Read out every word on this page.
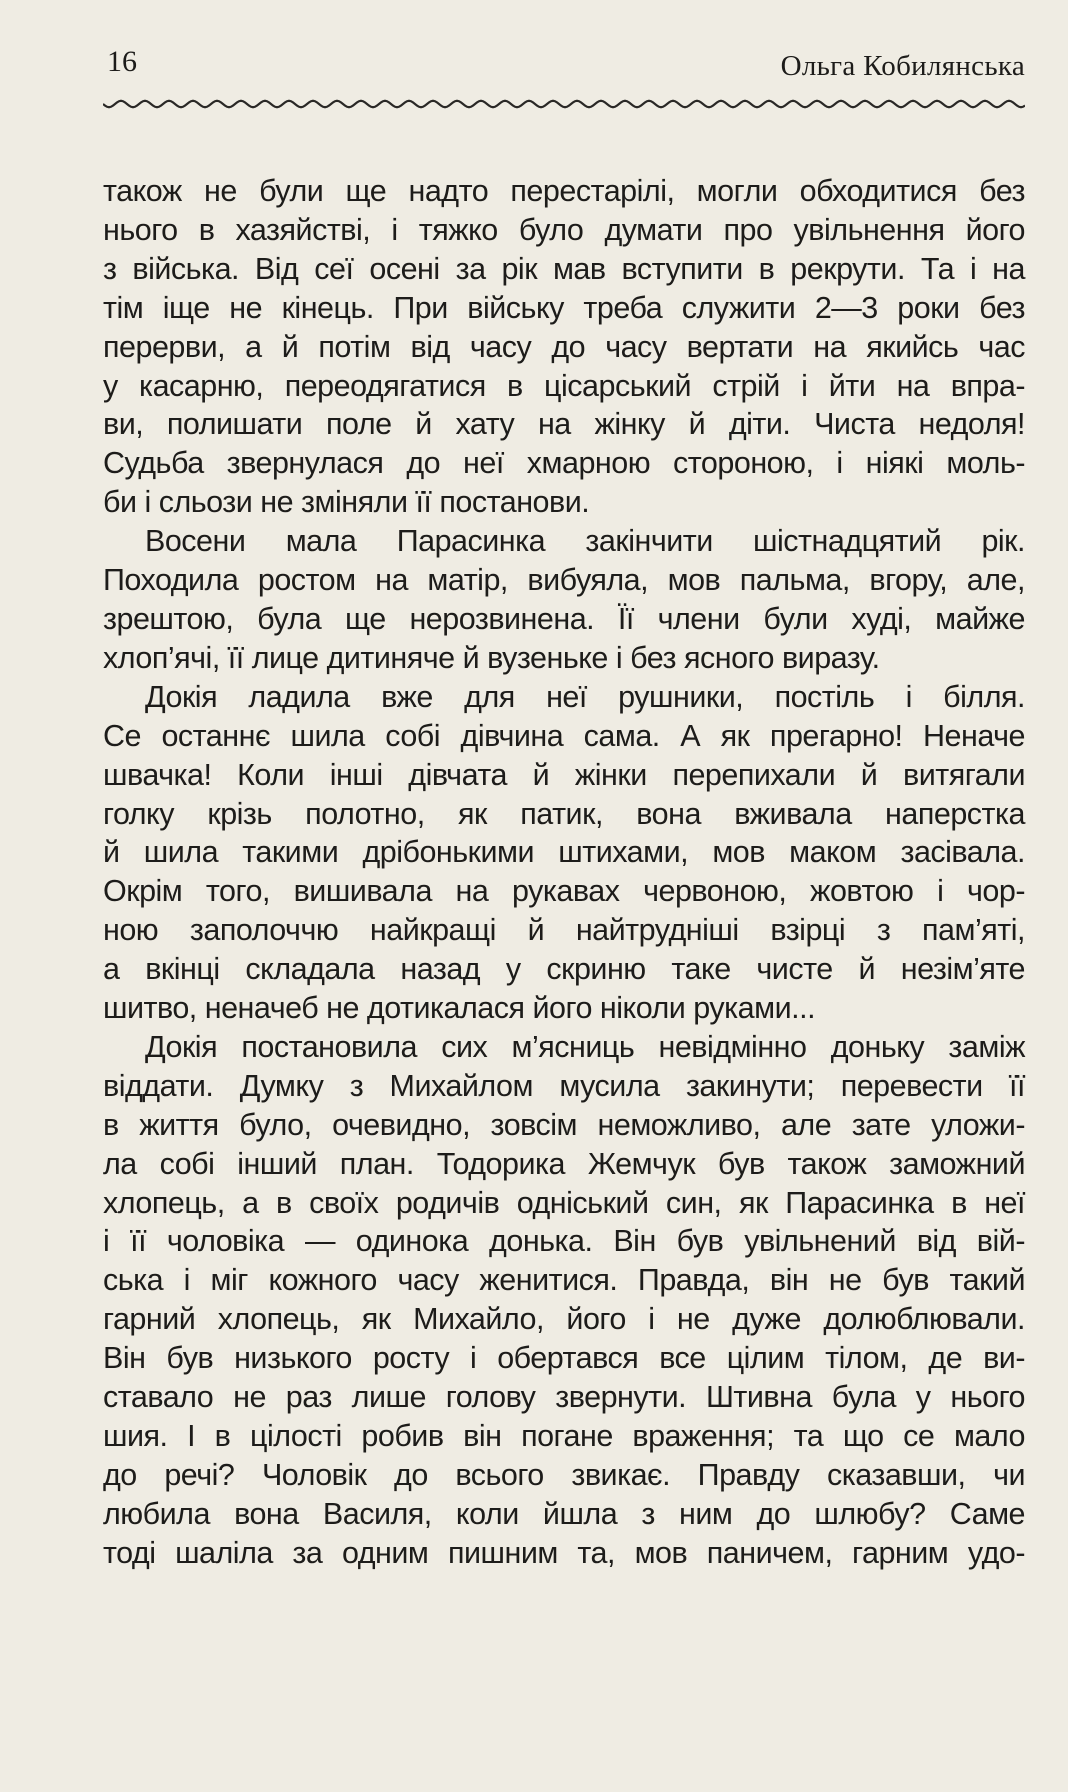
16	Ольга Кобилянська

також не були ще надто перестарілі, могли обходитися без
нього в хазяйстві, і тяжко було думати про увільнення його
з війська. Від сеї осені за рік мав вступити в рекрути. Та і на
тім іще не кінець. При війську треба служити 2—3 роки без
перерви, а й потім від часу до часу вертати на якийсь час
у касарню, переодягатися в цісарський стрій і йти на впра-
ви, полишати поле й хату на жінку й діти. Чиста недоля!
Судьба звернулася до неї хмарною стороною, і ніякі моль-
би і сльози не зміняли її постанови.

Восени мала Парасинка закінчити шістнадцятий рік.
Походила ростом на матір, вибуяла, мов пальма, вгору, але,
зрештою, була ще нерозвинена. Її члени були худі, майже
хлоп’ячі, її лице дитиняче й вузеньке і без ясного виразу.

Докія ладила вже для неї рушники, постіль і білля.
Се останнє шила собі дівчина сама. А як прегарно! Неначе
швачка! Коли інші дівчата й жінки перепихали й витягали
голку крізь полотно, як патик, вона вживала наперстка
й шила такими дрібонькими штихами, мов маком засівала.
Окрім того, вишивала на рукавах червоною, жовтою і чор-
ною заполоччю найкращі й найтрудніші взірці з пам’яті,
а вкінці складала назад у скриню таке чисте й незім’яте
шитво, неначеб не дотикалася його ніколи руками...

Докія постановила сих м’ясниць невідмінно доньку заміж
віддати. Думку з Михайлом мусила закинути; перевести її
в життя було, очевидно, зовсім неможливо, але зате уложи-
ла собі інший план. Тодорика Жемчук був також заможний
хлопець, а в своїх родичів одніський син, як Парасинка в неї
і її чоловіка — одинока донька. Він був увільнений від вій-
ська і міг кожного часу женитися. Правда, він не був такий
гарний хлопець, як Михайло, його і не дуже долюблювали.
Він був низького росту і обертався все цілим тілом, де ви-
ставало не раз лише голову звернути. Штивна була у нього
шия. І в цілості робив він погане враження; та що се мало
до речі? Чоловік до всього звикає. Правду сказавши, чи
любила вона Василя, коли йшла з ним до шлюбу? Саме
тоді шаліла за одним пишним та, мов паничем, гарним удо-
